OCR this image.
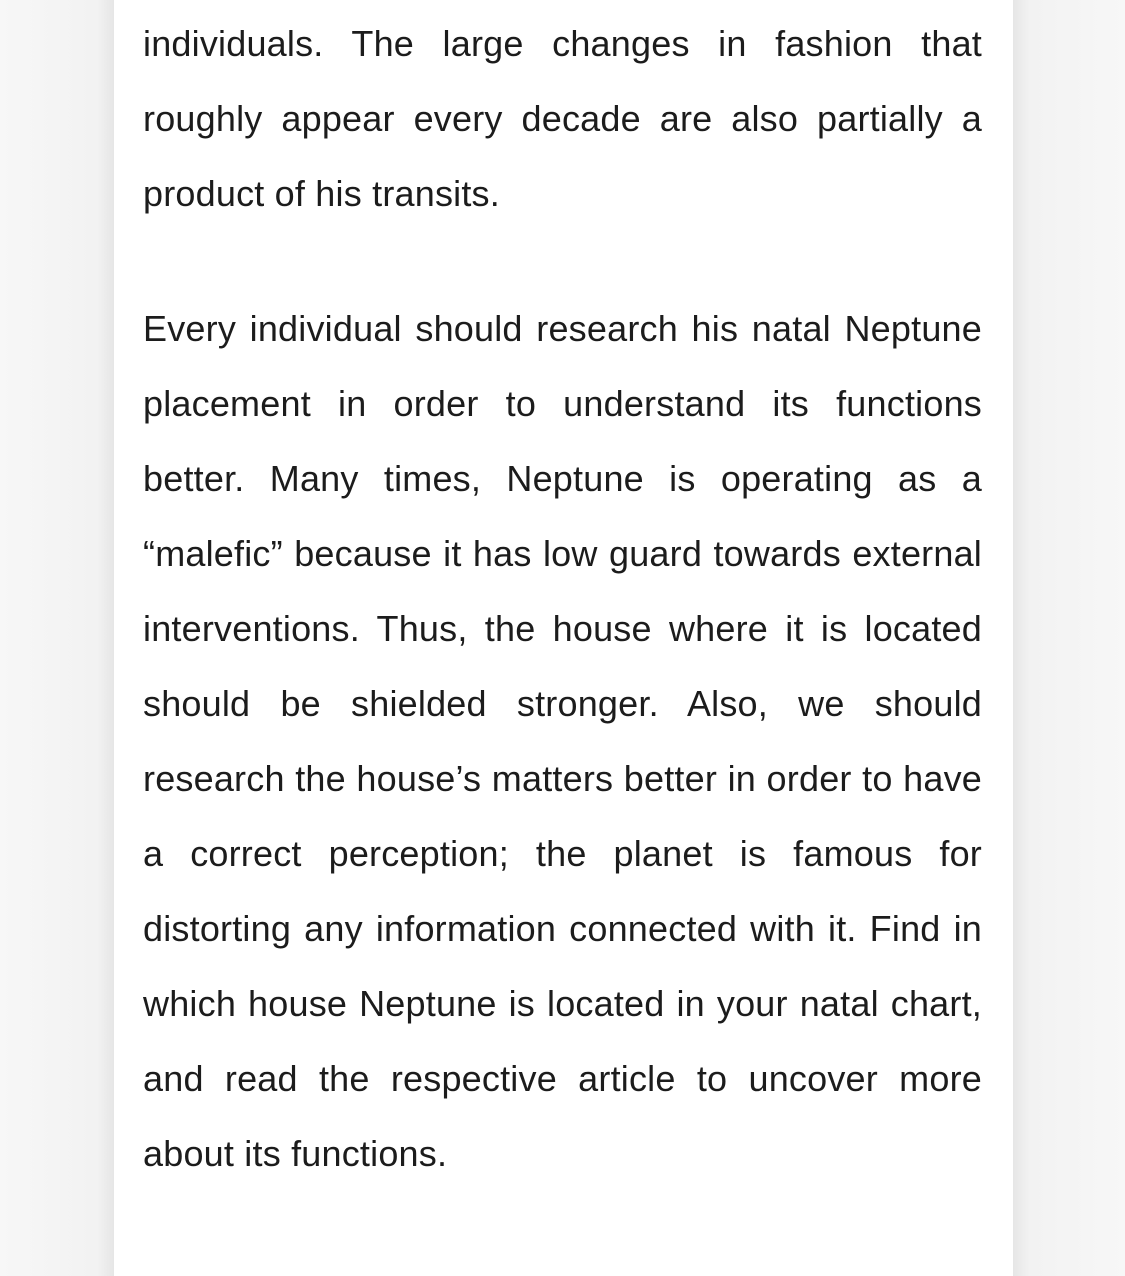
individuals. The large changes in fashion that roughly appear every decade are also partially a product of his transits.

Every individual should research his natal Neptune placement in order to understand its functions better. Many times, Neptune is operating as a “malefic” because it has low guard towards external interventions. Thus, the house where it is located should be shielded stronger. Also, we should research the house’s matters better in order to have a correct perception; the planet is famous for distorting any information connected with it. Find in which house Neptune is located in your natal chart, and read the respective article to uncover more about its functions.
